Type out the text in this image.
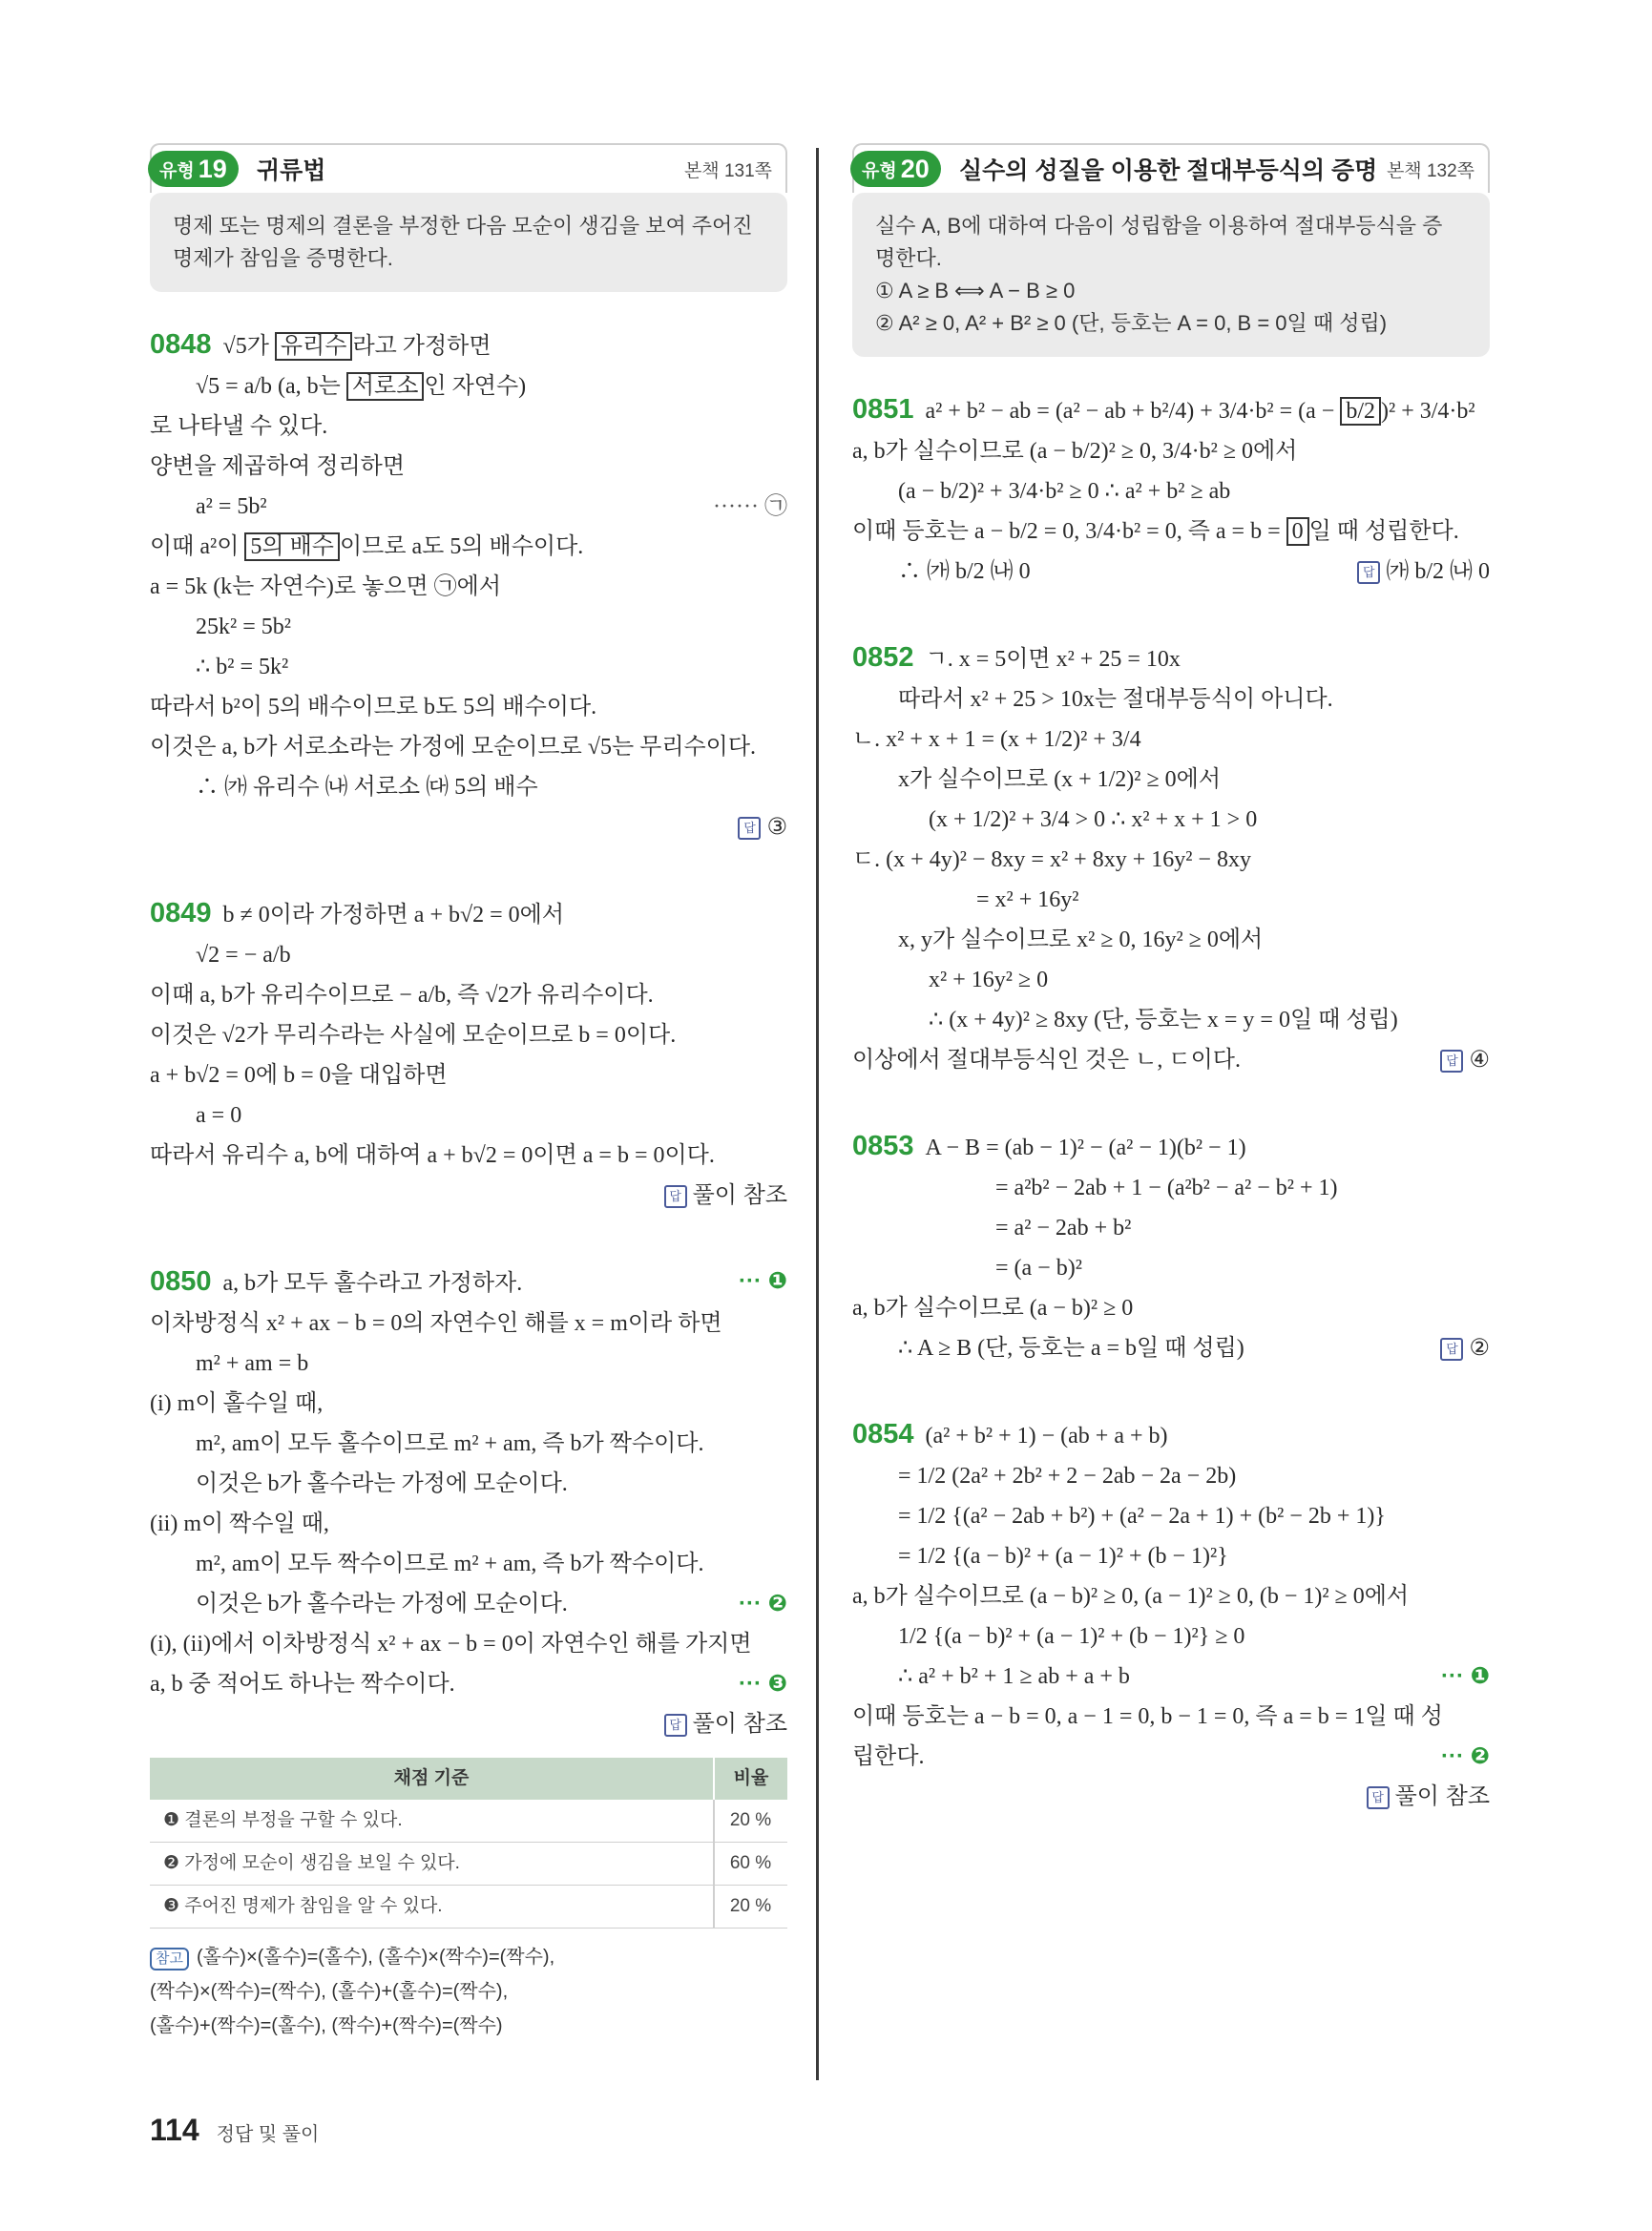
유형 19 귀류법	본책 131쪽
명제 또는 명제의 결론을 부정한 다음 모순이 생김을 보여 주어진
명제가 참임을 증명한다.
0848 √5가 유리수 라고 가정하면
√5 = a/b (a, b는 서로소 인 자연수)
로 나타낼 수 있다.
양변을 제곱하여 정리하면
a² = 5b²	······ ㉠
이때 a²이 5의 배수 이므로 a도 5의 배수이다.
a = 5k (k는 자연수)로 놓으면 ㉠에서
25k² = 5b²
∴ b² = 5k²
따라서 b²이 5의 배수이므로 b도 5의 배수이다.
이것은 a, b가 서로소라는 가정에 모순이므로 √5는 무리수이다.
∴ ㈎ 유리수 ㈏ 서로소 ㈐ 5의 배수
답 ③
0849 b ≠ 0이라 가정하면 a + b√2 = 0에서
√2 = − a/b
이때 a, b가 유리수이므로 − a/b, 즉 √2가 유리수이다.
이것은 √2가 무리수라는 사실에 모순이므로 b = 0이다.
a + b√2 = 0에 b = 0을 대입하면
a = 0
따라서 유리수 a, b에 대하여 a + b√2 = 0이면 a = b = 0이다.
답 풀이 참조
0850 a, b가 모두 홀수라고 가정하자.	··· ❶
이차방정식 x² + ax − b = 0의 자연수인 해를 x = m이라 하면
m² + am = b
(i) m이 홀수일 때,
m², am이 모두 홀수이므로 m² + am, 즉 b가 짝수이다.
이것은 b가 홀수라는 가정에 모순이다.
(ii) m이 짝수일 때,
m², am이 모두 짝수이므로 m² + am, 즉 b가 짝수이다.
이것은 b가 홀수라는 가정에 모순이다.	··· ❷
(i), (ii)에서 이차방정식 x² + ax − b = 0이 자연수인 해를 가지면
a, b 중 적어도 하나는 짝수이다.	··· ❸
답 풀이 참조
채점 기준	비율
❶ 결론의 부정을 구할 수 있다.	20 %
❷ 가정에 모순이 생김을 보일 수 있다.	60 %
❸ 주어진 명제가 참임을 알 수 있다.	20 %
참고 (홀수)×(홀수)=(홀수), (홀수)×(짝수)=(짝수),
(짝수)×(짝수)=(짝수), (홀수)+(홀수)=(짝수),
(홀수)+(짝수)=(홀수), (짝수)+(짝수)=(짝수)
유형 20 실수의 성질을 이용한 절대부등식의 증명 본책 132쪽
실수 A, B에 대하여 다음이 성립함을 이용하여 절대부등식을 증
명한다.
① A ≥ B ⟺ A − B ≥ 0
② A² ≥ 0, A² + B² ≥ 0 (단, 등호는 A = 0, B = 0일 때 성립)
0851 a² + b² − ab = (a² − ab + b²/4) + 3/4·b² = (a − b/2 )² + 3/4·b²
a, b가 실수이므로 (a − b/2)² ≥ 0, 3/4·b² ≥ 0에서
(a − b/2)² + 3/4·b² ≥ 0 ∴ a² + b² ≥ ab
이때 등호는 a − b/2 = 0, 3/4·b² = 0, 즉 a = b = 0 일 때 성립한다.
∴ ㈎ b/2 ㈏ 0	답 ㈎ b/2 ㈏ 0
0852 ㄱ. x = 5이면 x² + 25 = 10x
따라서 x² + 25 > 10x는 절대부등식이 아니다.
ㄴ. x² + x + 1 = (x + 1/2)² + 3/4
x가 실수이므로 (x + 1/2)² ≥ 0에서
(x + 1/2)² + 3/4 > 0 ∴ x² + x + 1 > 0
ㄷ. (x + 4y)² − 8xy = x² + 8xy + 16y² − 8xy
= x² + 16y²
x, y가 실수이므로 x² ≥ 0, 16y² ≥ 0에서
x² + 16y² ≥ 0
∴ (x + 4y)² ≥ 8xy (단, 등호는 x = y = 0일 때 성립)
이상에서 절대부등식인 것은 ㄴ, ㄷ이다.	답 ④
0853 A − B = (ab − 1)² − (a² − 1)(b² − 1)
= a²b² − 2ab + 1 − (a²b² − a² − b² + 1)
= a² − 2ab + b²
= (a − b)²
a, b가 실수이므로 (a − b)² ≥ 0
∴ A ≥ B (단, 등호는 a = b일 때 성립)	답 ②
0854 (a² + b² + 1) − (ab + a + b)
= 1/2 (2a² + 2b² + 2 − 2ab − 2a − 2b)
= 1/2 {(a² − 2ab + b²) + (a² − 2a + 1) + (b² − 2b + 1)}
= 1/2 {(a − b)² + (a − 1)² + (b − 1)²}
a, b가 실수이므로 (a − b)² ≥ 0, (a − 1)² ≥ 0, (b − 1)² ≥ 0에서
1/2 {(a − b)² + (a − 1)² + (b − 1)²} ≥ 0
∴ a² + b² + 1 ≥ ab + a + b	··· ❶
이때 등호는 a − b = 0, a − 1 = 0, b − 1 = 0, 즉 a = b = 1일 때 성
립한다.	··· ❷
답 풀이 참조
114 정답 및 풀이
